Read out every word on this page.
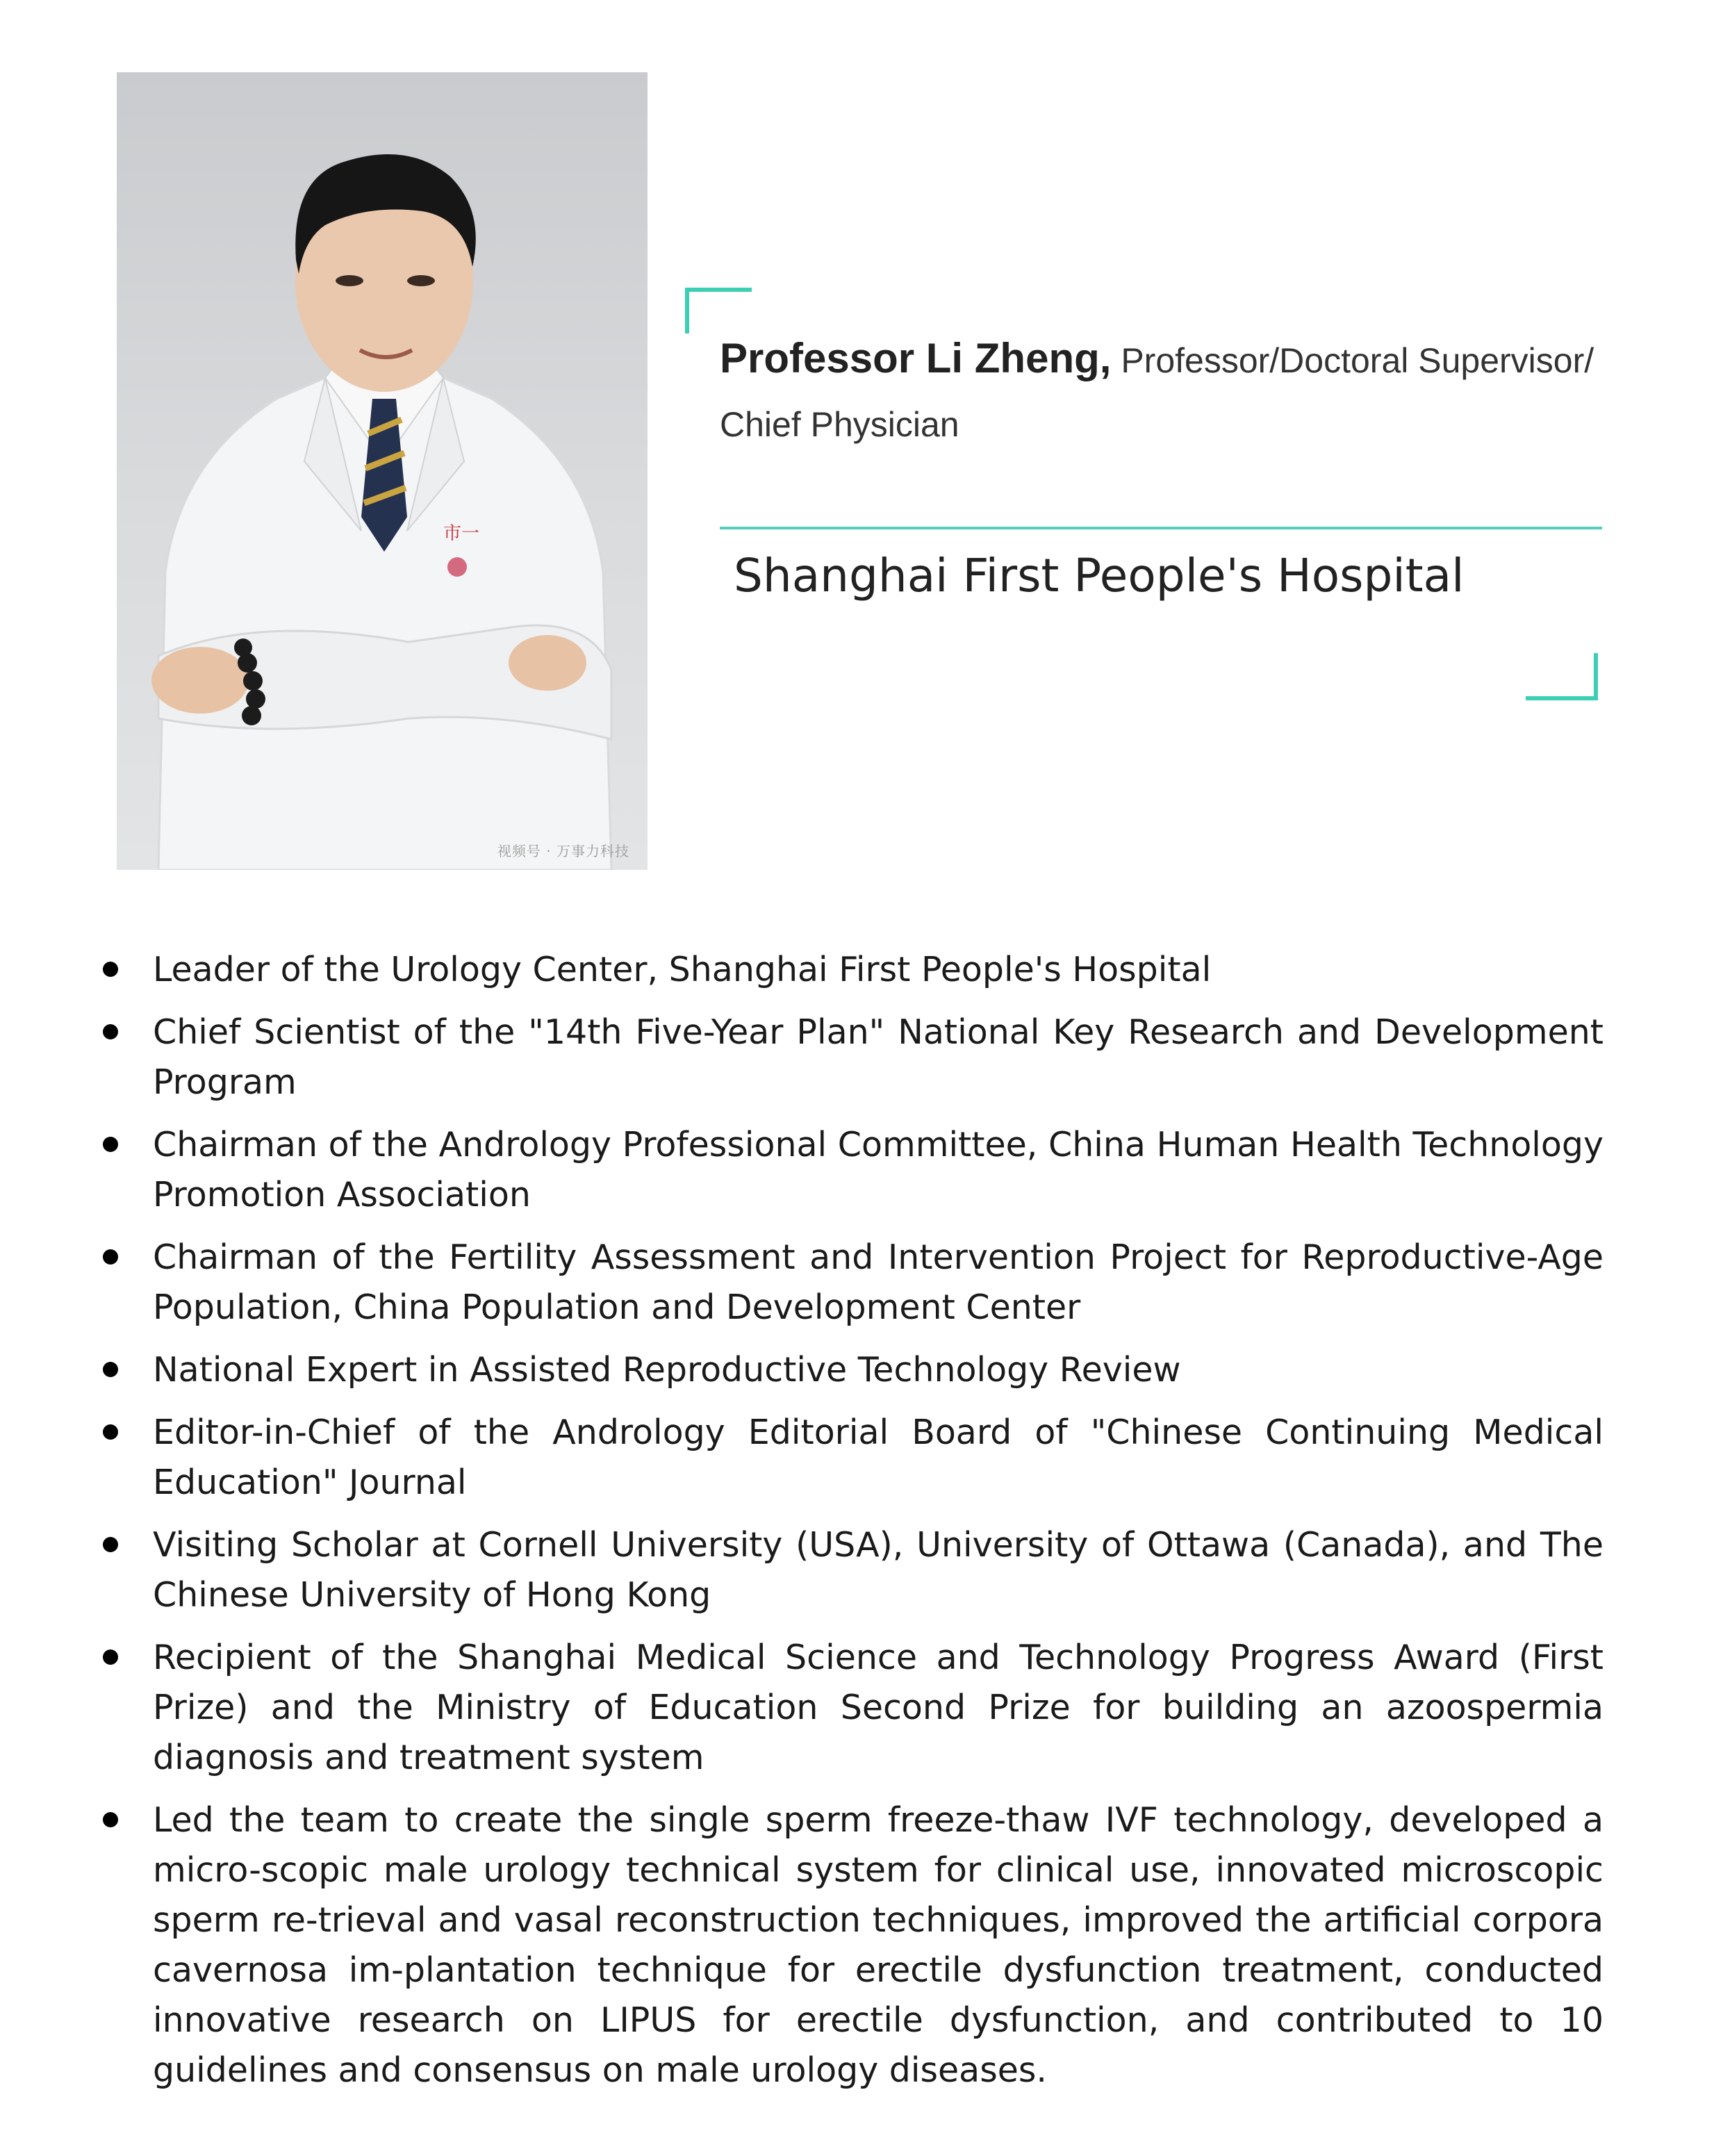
市一
视频号 · 万事力科技
Professor Li Zheng, Professor/Doctoral Supervisor/Chief Physician
Shanghai First People's Hospital
Leader of the Urology Center, Shanghai First People's Hospital
Chief Scientist of the "14th Five-Year Plan" National Key Research and Development Program
Chairman of the Andrology Professional Committee, China Human Health Technology Promotion Association
Chairman of the Fertility Assessment and Intervention Project for Reproductive-Age Population, China Population and Development Center
National Expert in Assisted Reproductive Technology Review
Editor-in-Chief of the Andrology Editorial Board of "Chinese Continuing Medical Education" Journal
Visiting Scholar at Cornell University (USA), University of Ottawa (Canada), and The Chinese University of Hong Kong
Recipient of the Shanghai Medical Science and Technology Progress Award (First Prize) and the Ministry of Education Second Prize for building an azoospermia diagnosis and treatment system
Led the team to create the single sperm freeze-thaw IVF technology, developed a micro-scopic male urology technical system for clinical use, innovated microscopic sperm re-trieval and vasal reconstruction techniques, improved the artificial corpora cavernosa im-plantation technique for erectile dysfunction treatment, conducted innovative research on LIPUS for erectile dysfunction, and contributed to 10 guidelines and consensus on male urology diseases.
